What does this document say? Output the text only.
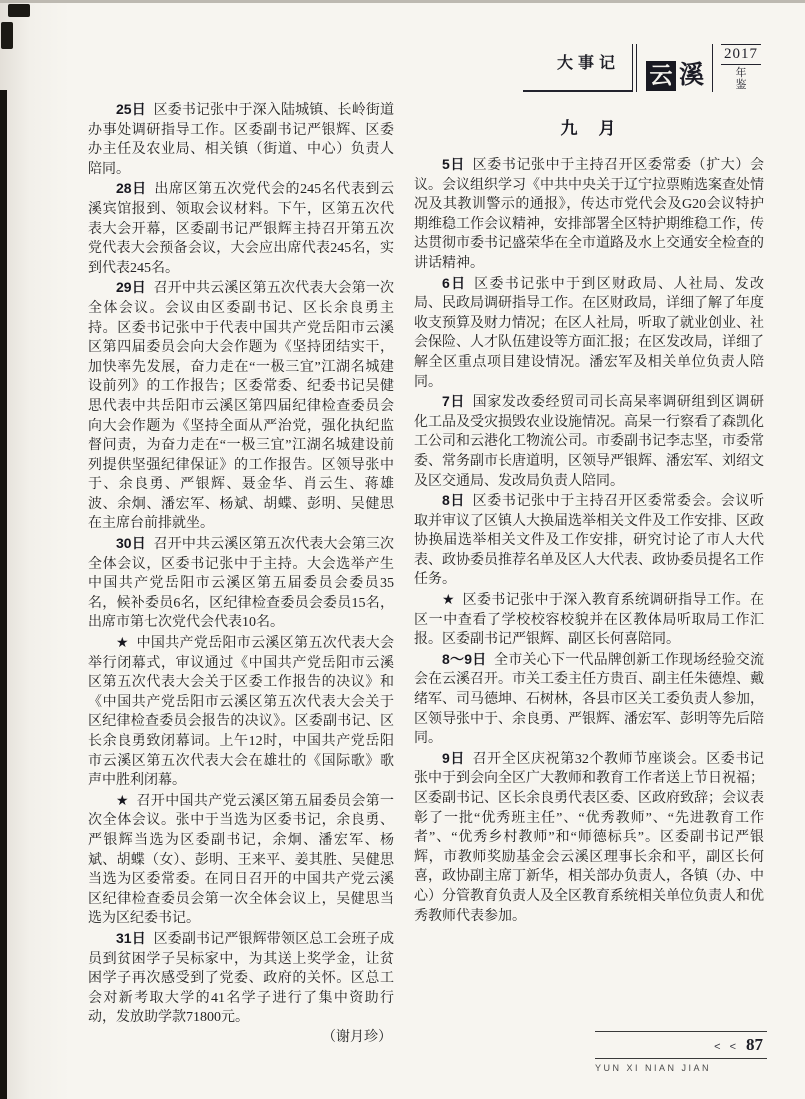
大事记 云 溪
2017
年鉴

25日 区委书记张中于深入陆城镇、长岭街道办事处调研指导工作。区委副书记严银辉、区委办主任及农业局、相关镇（街道、中心）负责人陪同。

28日 出席区第五次党代会的245名代表到云溪宾馆报到、领取会议材料。下午，区第五次代表大会开幕，区委副书记严银辉主持召开第五次党代表大会预备会议，大会应出席代表245名，实到代表245名。

29日 召开中共云溪区第五次代表大会第一次全体会议。会议由区委副书记、区长余良勇主持。区委书记张中于代表中国共产党岳阳市云溪区第四届委员会向大会作题为《坚持团结实干，加快率先发展，奋力走在“一极三宜”江湖名城建设前列》的工作报告；区委常委、纪委书记吴健思代表中共岳阳市云溪区第四届纪律检查委员会向大会作题为《坚持全面从严治党，强化执纪监督问责，为奋力走在“一极三宜”江湖名城建设前列提供坚强纪律保证》的工作报告。区领导张中于、余良勇、严银辉、聂金华、肖云生、蒋雄波、余炯、潘宏军、杨斌、胡蝶、彭明、吴健思在主席台前排就坐。

30日 召开中共云溪区第五次代表大会第三次全体会议，区委书记张中于主持。大会选举产生中国共产党岳阳市云溪区第五届委员会委员35名，候补委员6名，区纪律检查委员会委员15名，出席市第七次党代会代表10名。

★ 中国共产党岳阳市云溪区第五次代表大会举行闭幕式，审议通过《中国共产党岳阳市云溪区第五次代表大会关于区委工作报告的决议》和《中国共产党岳阳市云溪区第五次代表大会关于区纪律检查委员会报告的决议》。区委副书记、区长余良勇致闭幕词。上午12时，中国共产党岳阳市云溪区第五次代表大会在雄壮的《国际歌》歌声中胜利闭幕。

★ 召开中国共产党云溪区第五届委员会第一次全体会议。张中于当选为区委书记，余良勇、严银辉当选为区委副书记，余炯、潘宏军、杨斌、胡蝶（女）、彭明、王来平、姜其胜、吴健思当选为区委常委。在同日召开的中国共产党云溪区纪律检查委员会第一次全体会议上，吴健思当选为区纪委书记。

31日 区委副书记严银辉带领区总工会班子成员到贫困学子吴标家中，为其送上奖学金，让贫困学子再次感受到了党委、政府的关怀。区总工会对新考取大学的41名学子进行了集中资助行动，发放助学款71800元。

（谢月珍）
九　月

5日 区委书记张中于主持召开区委常委（扩大）会议。会议组织学习《中共中央关于辽宁拉票贿选案查处情况及其教训警示的通报》，传达市党代会及G20会议特护期维稳工作会议精神，安排部署全区特护期维稳工作，传达贯彻市委书记盛荣华在全市道路及水上交通安全检查的讲话精神。

6日 区委书记张中于到区财政局、人社局、发改局、民政局调研指导工作。在区财政局，详细了解了年度收支预算及财力情况；在区人社局，听取了就业创业、社会保险、人才队伍建设等方面汇报；在区发改局，详细了解全区重点项目建设情况。潘宏军及相关单位负责人陪同。

7日 国家发改委经贸司司长高杲率调研组到区调研化工品及受灾损毁农业设施情况。高杲一行察看了森凯化工公司和云港化工物流公司。市委副书记李志坚，市委常委、常务副市长唐道明，区领导严银辉、潘宏军、刘绍文及区交通局、发改局负责人陪同。

8日 区委书记张中于主持召开区委常委会。会议听取并审议了区镇人大换届选举相关文件及工作安排、区政协换届选举相关文件及工作安排，研究讨论了市人大代表、政协委员推荐名单及区人大代表、政协委员提名工作任务。

★ 区委书记张中于深入教育系统调研指导工作。在区一中查看了学校校容校貌并在区教体局听取局工作汇报。区委副书记严银辉、副区长何喜陪同。

8～9日 全市关心下一代品牌创新工作现场经验交流会在云溪召开。市关工委主任方贵百、副主任朱德煌、戴绪军、司马德坤、石树林，各县市区关工委负责人参加，区领导张中于、余良勇、严银辉、潘宏军、彭明等先后陪同。

9日 召开全区庆祝第32个教师节座谈会。区委书记张中于到会向全区广大教师和教育工作者送上节日祝福；区委副书记、区长余良勇代表区委、区政府致辞；会议表彰了一批“优秀班主任”、“优秀教师”、“先进教育工作者”、“优秀乡村教师”和“师德标兵”。区委副书记严银辉，市教师奖励基金会云溪区理事长余和平，副区长何喜，政协副主席丁新华，相关部办负责人，各镇（办、中心）分管教育负责人及全区教育系统相关单位负责人和优秀教师代表参加。

< < 87
YUN XI NIAN JIAN
